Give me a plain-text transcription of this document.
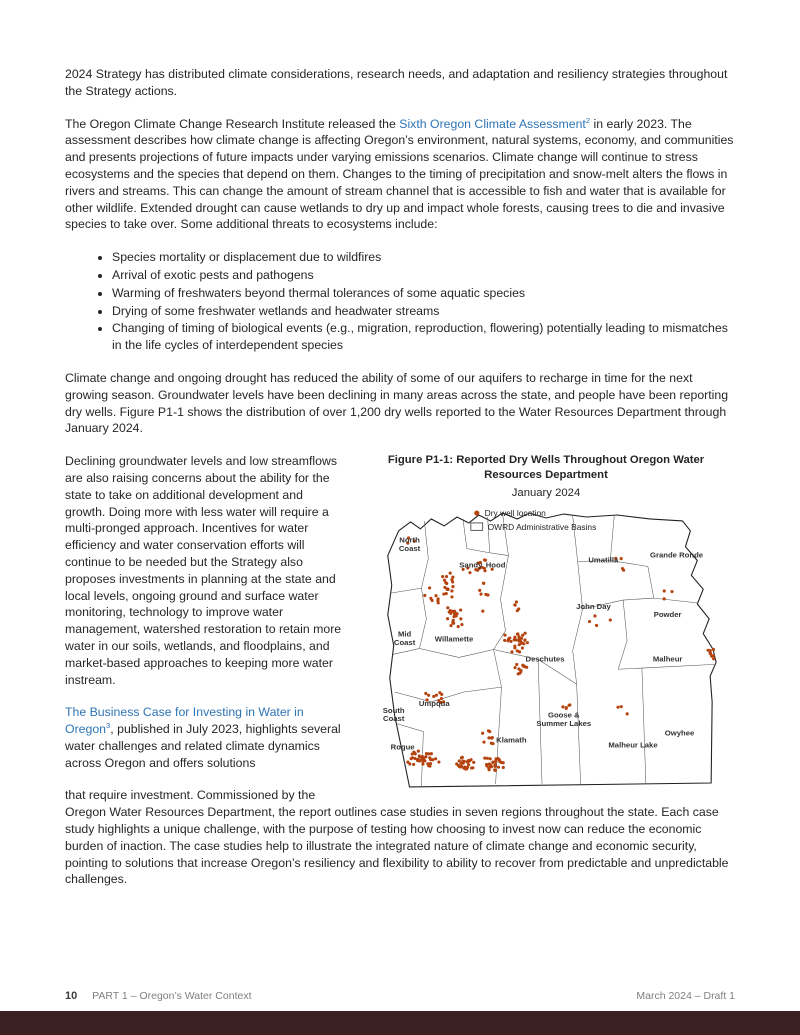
2024 Strategy has distributed climate considerations, research needs, and adaptation and resiliency strategies throughout the Strategy actions.

The Oregon Climate Change Research Institute released the Sixth Oregon Climate Assessment$^2$ in early 2023. The assessment describes how climate change is affecting Oregon’s environment, natural systems, economy, and communities and presents projections of future impacts under varying emissions scenarios. Climate change will continue to stress ecosystems and the species that depend on them. Changes to the timing of precipitation and snow-melt alters the flows in rivers and streams. This can change the amount of stream channel that is accessible to fish and water that is available for other wildlife. Extended drought can cause wetlands to dry up and impact whole forests, causing trees to die and invasive species to take over. Some additional threats to ecosystems include:

• Species mortality or displacement due to wildfires
• Arrival of exotic pests and pathogens
• Warming of freshwaters beyond thermal tolerances of some aquatic species
• Drying of some freshwater wetlands and headwater streams
• Changing of timing of biological events (e.g., migration, reproduction, flowering) potentially leading to mismatches in the life cycles of interdependent species

Climate change and ongoing drought has reduced the ability of some of our aquifers to recharge in time for the next growing season. Groundwater levels have been declining in many areas across the state, and people have been reporting dry wells. Figure P1-1 shows the distribution of over 1,200 dry wells reported to the Water Resources Department through January 2024.

Figure P1-1: Reported Dry Wells Throughout Oregon Water
Resources Department
January 2024
North Coast
Sandy Hood
Umatilla
Grande Ronde
John Day
Powder
Mid Coast	Willamette
Deschutes	Malheur
Umpqua
South Coast	Goose & Summer Lakes
Klamath
Rogue	Malheur Lake
Owyhee
Dry well location
OWRD Administrative Basins

Declining groundwater levels and low streamflows are also raising concerns about the ability for the state to take on additional development and growth. Doing more with less water will require a multi-pronged approach. Incentives for water efficiency and water conservation efforts will continue to be needed but the Strategy also proposes investments in planning at the state and local levels, ongoing ground and surface water monitoring, technology to improve water management, watershed restoration to retain more water in our soils, wetlands, and floodplains, and market-based approaches to keeping more water instream.

The Business Case for Investing in Water in Oregon$^3$, published in July 2023, highlights several water challenges and related climate dynamics across Oregon and offers solutions

that require investment. Commissioned by the Oregon Water Resources Department, the report outlines case studies in seven regions throughout the state. Each case study highlights a unique challenge, with the purpose of testing how choosing to invest now can reduce the economic burden of inaction. The case studies help to illustrate the integrated nature of climate change and economic security, pointing to solutions that increase Oregon’s resiliency and flexibility to ability to recover from predictable and unpredictable challenges.

10 PART 1 – Oregon’s Water Context	March 2024 – Draft 1
